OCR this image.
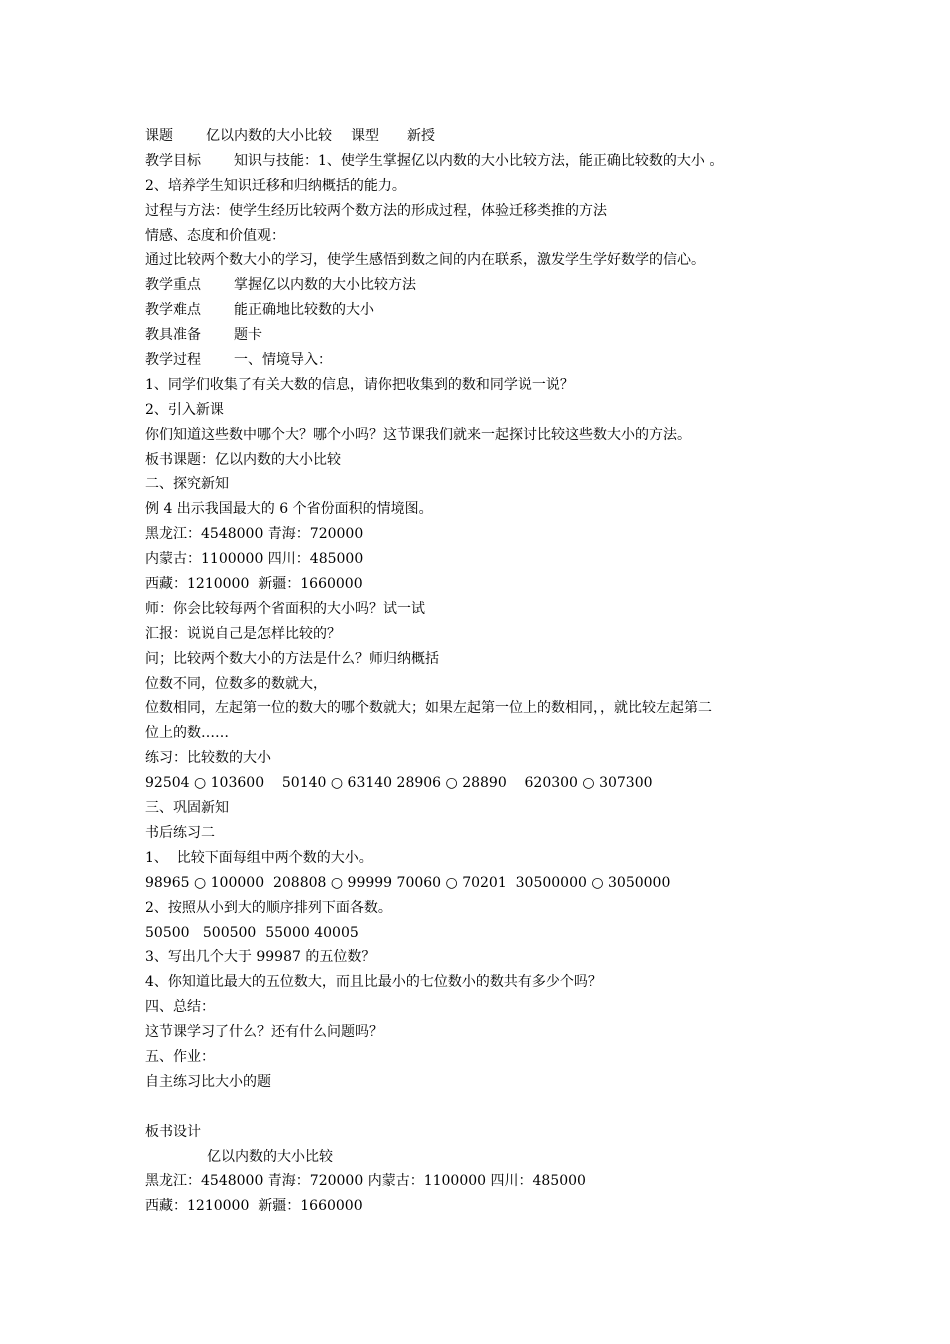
课题 亿以内数的大小比较 课型 新授
教学目标 知识与技能：1、使学生掌握亿以内数的大小比较方法，能正确比较数的大小 。
2、培养学生知识迁移和归纳概括的能力。
过程与方法：使学生经历比较两个数方法的形成过程，体验迁移类推的方法
情感、态度和价值观：
通过比较两个数大小的学习，使学生感悟到数之间的内在联系，激发学生学好数学的信心。
教学重点 掌握亿以内数的大小比较方法
教学难点 能正确地比较数的大小
教具准备 题卡
教学过程 一、情境导入：
1、同学们收集了有关大数的信息，请你把收集到的数和同学说一说？
2、引入新课
你们知道这些数中哪个大？哪个小吗？这节课我们就来一起探讨比较这些数大小的方法。
板书课题：亿以内数的大小比较
二、探究新知
例 4 出示我国最大的 6 个省份面积的情境图。
黑龙江：4548000 青海：720000
内蒙古：1100000 四川：485000
西藏：1210000  新疆：1660000
师：你会比较每两个省面积的大小吗？试一试
汇报：说说自己是怎样比较的？
问；比较两个数大小的方法是什么？师归纳概括
位数不同，位数多的数就大，
位数相同，左起第一位的数大的哪个数就大；如果左起第一位上的数相同，，就比较左起第二
位上的数……
练习：比较数的大小
92504 ○ 103600    50140 ○ 63140 28906 ○ 28890    620300 ○ 307300
三、巩固新知
书后练习二
1、  比较下面每组中两个数的大小。
98965 ○ 100000  208808 ○ 99999 70060 ○ 70201  30500000 ○ 3050000
2、按照从小到大的顺序排列下面各数。
50500   500500  55000 40005
3、写出几个大于 99987 的五位数？
4、你知道比最大的五位数大，而且比最小的七位数小的数共有多少个吗？
四、总结：
这节课学习了什么？还有什么问题吗？
五、作业：
自主练习比大小的题
板书设计
亿以内数的大小比较
黑龙江：4548000 青海：720000 内蒙古：1100000 四川：485000
西藏：1210000  新疆：1660000
